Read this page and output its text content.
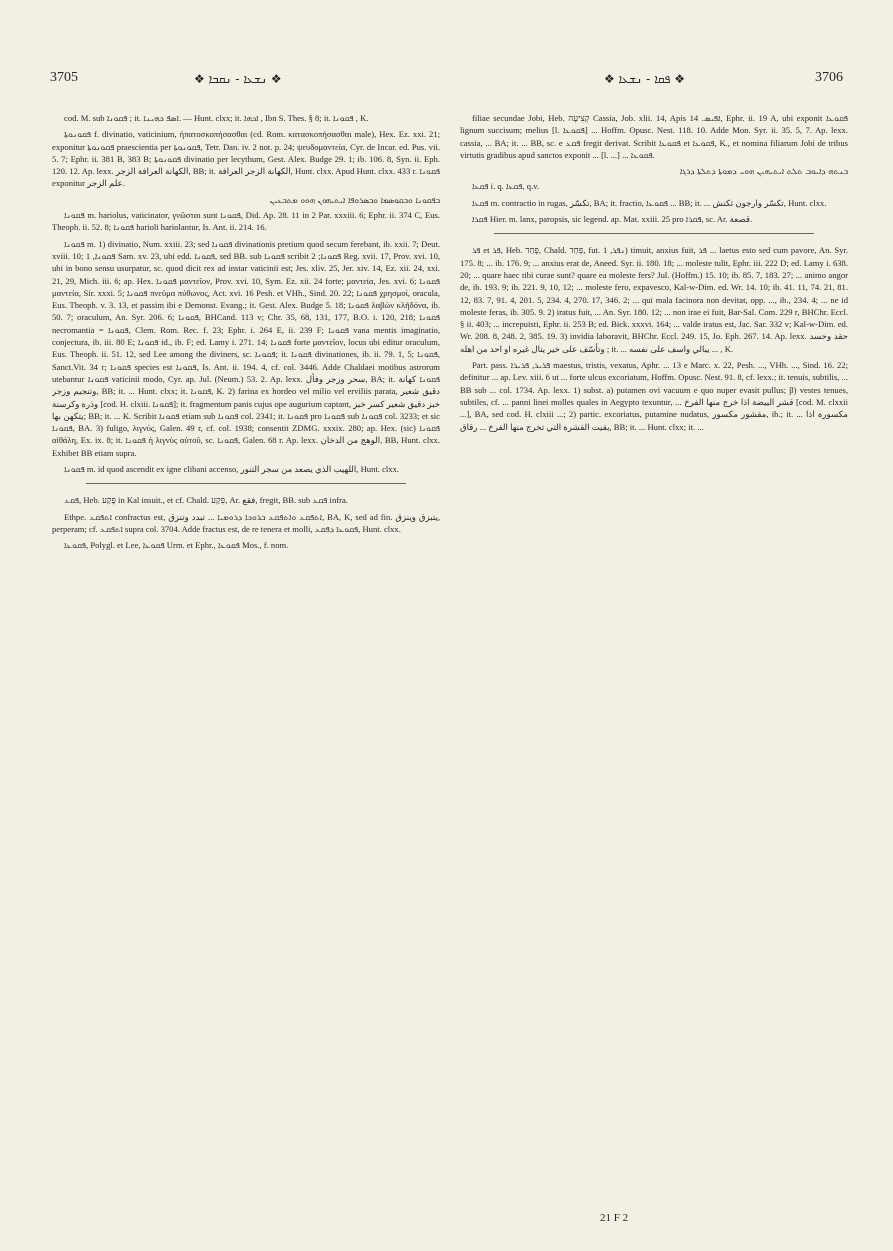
3705	❖ ܢܫܥܐ - ܢܩܒܐ ❖	❖ ܦܩܐ - ܢܫܥܐ ❖	3706

cod. M. sub ܦܩܘܢܐ ; it. ܐܣܦ ܟܗܝܢܐ. — Hunt. clxx; it. ܐܟܗܐ , Ibn S. Thes. § 8; it. ܦܩܘܢܐ , K.

ܦܩܘܢܘܬܐ f. divinatio, vaticinium, ἠπατοσκοπήσασθαι (cd. Rom. κατασκοπήσασθαι male), Hex. Ez. xxi. 21; exponitur ܦܩܘܢܘܬܐ praescientia per ܦܩܘܢܘܬܐ, Tetr. Dan. iv. 2 not. p. 24; ψευδομαντεία, Cyr. de Incar. ed. Pus. vii. 5. 7; Ephr. ii. 381 B, 383 B; ܦܩܘܢܘܬܐ divinatio per lecythum, Gest. Alex. Budge 29. 1; ib. 106. 8, Syn. ii. Eph. 120. 12. Ap. lexx. الكهانة العرافة الزجر, BB; it. الكهانة الزجر العرافة, Hunt. clxx. Apud Hunt. clxx. 433 r. ܦܩܘܢܐ exponitur علم الزجر.

ܒܦܩܘܢܐ ܘܒܩܘܣܡܐ ܘܒܣܪܘܦܐ ܐܝܬܝܗܘܢ ܗܘܘ ܡܬܒܥܝܢ

ܦܩܘܢܐ m. hariolus, vaticinator, γνῶσται sunt ܦܩܘܢܐ, Did. Ap. 28. 11 in 2 Par. xxxiii. 6; Ephr. ii. 374 C, Eus. Theoph. ii. 52. 8; ܦܩܘܢܐ harioli hariolantur, Is. Ant. ii. 214. 16.

ܦܩܘܢܐ m. 1) divinatio, Num. xxiii. 23; sed ܦܩܘܢܐ divinationis pretium quod secum ferebant, ib. xxii. 7; Deut. xviii. 10; ܦܩܘܢܐ, 1 Sam. xv. 23, ubi edd. ܦܩܘܢܐ, sed BB. sub ܦܩܘܢܐ scribit ܦܩܘܢܐ; 2 Reg. xvii. 17, Prov. xvi. 10, ubi in bono sensu usurpatur, sc. quod dicit rex ad instar vaticinii est; Jes. xliv. 25, Jer. xiv. 14, Ez. xii. 24, xxi. 21, 29, Mich. iii. 6; ap. Hex. ܦܩܘܢܐ μαντεῖον, Prov. xvi. 10, Sym. Ez. xii. 24 forte; μαντεία, Jes. xvi. 6; ܦܩܘܢܐ μαντεία, Sir. xxxi. 5; ܦܩܘܢܐ πνεῦμα πύθωνος, Act. xvi. 16 Pesh. et VHh., Sind. 20. 22; ܦܩܘܢܐ χρησμοί, oracula, Eus. Theoph. v. 3. 13, et passim ibi e Demonst. Evang.; it. Gest. Alex. Budge 5. 18; ܦܩܘܢܐ λαβὼν κλῆδόνα, ib. 50. 7; oraculum, An. Syr. 206. 6; ܦܩܘܢܐ, BHCand. 113 v; Chr. 35, 68, 131, 177, B.O. i. 120, 218; ܦܩܘܢܐ necromantia = ܦܩܘܢܐ, Clem. Rom. Rec. f. 23; Ephr. i. 264 E, ii. 239 F; ܦܩܘܢܐ vana mentis imaginatio, conjectura, ib. iii. 80 E; ܦܩܘܢܐ id., ib. F; ed. Lamy i. 271. 14; ܦܩܘܢܐ forte μαντεῖον, locus ubi editur oraculum, Eus. Theoph. ii. 51. 12, sed Lee among the diviners, sc. ܦܩܘܢܐ; it. ܦܩܘܢܐ divinationes, ib. ii. 79. 1, 5; ܦܩܘܢܐ, Sanct.Vit. 34 r; ܦܩܘܢܐ species est ܦܩܘܢܐ, Is. Ant. ii. 194. 4, cf. col. 3446. Adde Chaldaei motibus astrorum utebantur ܦܩܘܢܐ vaticinii modo, Cyr. ap. Jul. (Neum.) 53. 2. Ap. lexx. سحر وزجر وفأل, BA; it. ܦܩܘܢܐ كهانة وتنجيم وزجر, BB; it. ... Hunt. clxx; it. ܦܩܘܢܐ, K. 2) farina ex hordeo vel milio vel erviliis parata, دقيق شعير وذرة وكرسنة [cod. H. clxiii. ܦܩܘܢܐ]; it. fragmentum panis cujus ope augurium captant, خبز دقيق شعير كسر خبز يتكهن بها; BB; it. ... K. Scribit ܦܩܘܢܐ etiam sub ܦܩܘܢܐ col. 2341; it. ܦܩܘܢܐ pro ܦܩܘܢܐ sub ܦܩܘܢܐ col. 3233; et sic ܦܩܘܢܐ, BA. 3) fuligo, λιγνύς, Galen. 49 r, cf. col. 1938; consentit ZDMG. xxxix. 280; ap. Hex. (sic) ܦܩܘܢܐ αἰθάλη, Ex. ix. 8; it. ܦܩܘܢܐ ἡ λιγνὺς αὐτοῦ, sc. ܦܩܘܢܐ, Galen. 68 r. Ap. lexx. الوهج من الدخان, BB, Hunt. clxx. Exhibet BB etiam supra.

ܦܩܘܢܐ m. id quod ascendit ex igne clibani accenso, اللهيب الذي يصعد من سجر التنور, Hunt. clxx.

ܦܩܥ, Heb. פָּקַע in Kal insuit., et cf. Chald. פְּקַע, Ar. فقع, fregit, BB. sub ܦܩܥ infra.

Ethpe. ܐܬܦܩܥ confractus est, ܐܬܦܩܥ ܘܐܬܦܩܥ ܒܪܘܟܐ ܕܪܘܡܝܐ ... تبدد وتنزق, BA, K, sed ad fin. يتبزق وينزق, perperam; cf. ܐܬܦܩܥ supra col. 3704. Adde fractus est, de re tenera et molli, ܦܩܘܥܐ ܕܦܩܥ, Hunt. clxx.

ܦܩܘܥܐ, Polygl. et Lee, ܦܩܘܥܐ Urm. et Ephr., ܦܩܘܥܐ Mos., f. nom.

filiae secundae Jobi, Heb. קְצִיעָה Cassia, Job. xlii. 14, Apis ܐܦܝܣ. 14, Ephr. ii. 19 A, ubi exponit ܦܩܘܥܐ lignum succisum; melius [l. ܦܩܘܥܐ] ... Hoffm. Opusc. Nest. 118. 10. Adde Mon. Syr. ii. 35. 5, 7. Ap. lexx. cassia, ... BA; it. ... BB, sc. e ܦܩܥ fregit derivat. Scribit ܦܩܘܥܐ et ܦܩܘܥܐ, K., et nomina filiarum Jobi de tribus virtutis gradibus apud sanctos exponit ... [l. ...] ... ܦܩܘܥܐ.

ܒܢܬܗ ܕܐܝܘܒ ܬܠܬ ܐܝܬܝܗܝܢ ܗܘܝ ܕܡܘܬܐ ܕܬܠܬܐ ܕܪܓܐ

ܦܩܥܐ i. q. ܦܩܥܐ, q.v.

ܦܩܥܐ m. contractio in rugas, تكسّر, BA; it. fractio, ܦܩܘܥܐ ... BB; it. ... تكسّر وارجون ثكنش, Hunt. clxx.

ܦܩܪܐ Hier. m. lanx, paropsis, sic legend. ap. Mat. xxiii. 25 pro ܦܩܪܐ, sc. Ar. قصعة.

ܦܪ et ܦܪ, Heb. פָּחַד, Chald. פְּחַד, fut. ܢܦܪ, 1) timuit, anxius fuit, ܦܪ ... laetus esto sed cum pavore, An. Syr. 175. 8; ... ib. 176. 9; ... anxius erat de, Aneed. Syr. ii. 180. 18; ... moleste tulit, Ephr. iii. 222 D; ed. Lamy i. 638. 20; ... quare haec tibi curae sunt? quare ea moleste fers? Jul. (Hoffm.) 15. 10; ib. 85. 7, 183. 27; ... animo angor de, ib. 193. 9; ib. 221. 9, 10, 12; ... moleste fero, expavesco, Kal-w-Dim. ed. Wr. 14. 10; ib. 41. 11, 74. 21, 81. 12, 83. 7, 91. 4, 201. 5, 234. 4, 270. 17, 346. 2; ... qui mala facinora non devitat, opp. ..., ib., 234. 4; ... ne id moleste feras, ib. 305. 9. 2) iratus fuit, ... An. Syr. 180. 12; ... non irae ei fuit, Bar-Sal. Com. 229 r, BHChr. Eccl. § ii. 403; ... increpuisti, Ephr. ii. 253 B; ed. Bick. xxxvi. 164; ... valde iratus est, Jac. Sar. 332 v; Kal-w-Dim. ed. Wr. 208. 8, 248. 2, 385. 19. 3) invidia laboravit, BHChr. Eccl. 249. 15, Jo. Eph. 267. 14. Ap. lexx. حقد وحسد وتأسّف على خير ينال غيره او احد من اهله ; it. ... يبالي واسف على نفسه ... , K.

Part. pass. ܦܪܝܪ, ܦܪܝܪܐ maestus, tristis, vexatus, Aphr. ... 13 e Marc. x. 22, Pesh. ..., VHh. ..., Sind. 16. 22; definitur ... ap. Lev. xiii. 6 ut ... forte ulcus excoriatum, Hoffm. Opusc. Nest. 91. 8, cf. lexx.; it. tenuis, subtilis, ... BB sub ... col. 1734. Ap. lexx. 1) subst. a) putamen ovi vacuum e quo nuper evasit pullus; β) vestes tenues, subtiles, cf. ... panni linei molles quales in Aegypto texuntur, ... قشر البيضة اذا خرج منها الفرخ [cod. M. clxxii ...], BA, sed cod. H. clxiii ...; 2) partic. excoriatus, putamine nudatus, مقشور مكسور, ib.; it. ... مكسورة اذا بقيت القشرة التي تخرج منها الفرخ ... رقاق, BB; it. ... Hunt. clxx; it. ...

21 F 2
